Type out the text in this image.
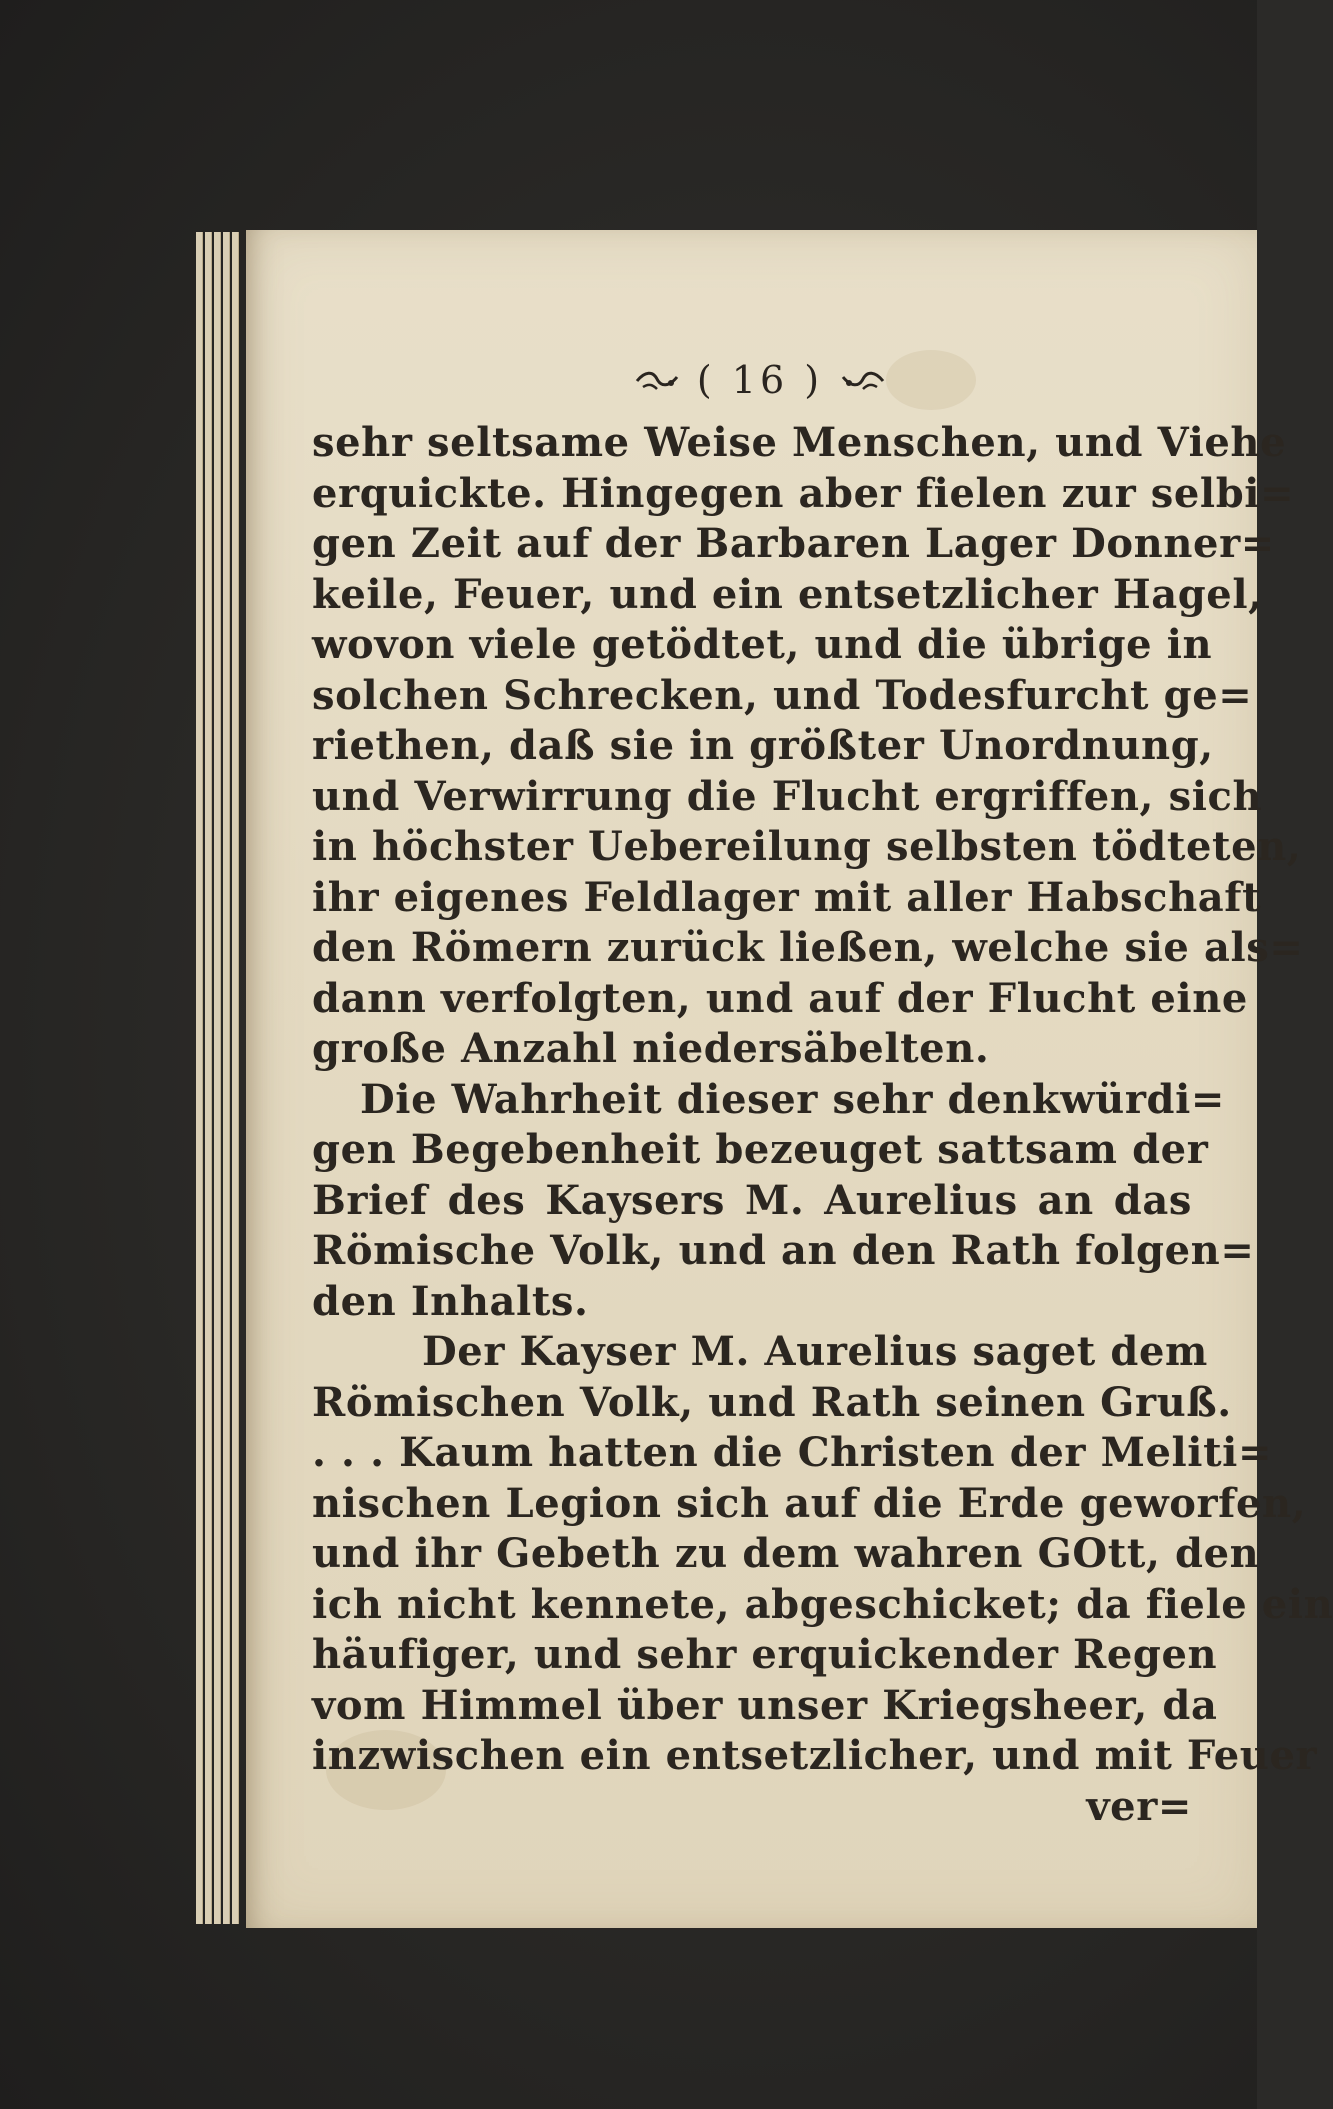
( 16 )
sehr seltsame Weise Menschen, und Viehe
erquickte. Hingegen aber fielen zur selbi=
gen Zeit auf der Barbaren Lager Donner=
keile, Feuer, und ein entsetzlicher Hagel,
wovon viele getödtet, und die übrige in
solchen Schrecken, und Todesfurcht ge=
riethen, daß sie in größter Unordnung,
und Verwirrung die Flucht ergriffen, sich
in höchster Uebereilung selbsten tödteten,
ihr eigenes Feldlager mit aller Habschaft
den Römern zurück ließen, welche sie als=
dann verfolgten, und auf der Flucht eine
große Anzahl niedersäbelten.
Die Wahrheit dieser sehr denkwürdi=
gen Begebenheit bezeuget sattsam der
Brief des Kaysers M. Aurelius an das
Römische Volk, und an den Rath folgen=
den Inhalts.
Der Kayser M. Aurelius saget dem
Römischen Volk, und Rath seinen Gruß.
. . . Kaum hatten die Christen der Meliti=
nischen Legion sich auf die Erde geworfen,
und ihr Gebeth zu dem wahren GOtt, den
ich nicht kennete, abgeschicket; da fiele ein
häufiger, und sehr erquickender Regen
vom Himmel über unser Kriegsheer, da
inzwischen ein entsetzlicher, und mit Feuer
ver=
